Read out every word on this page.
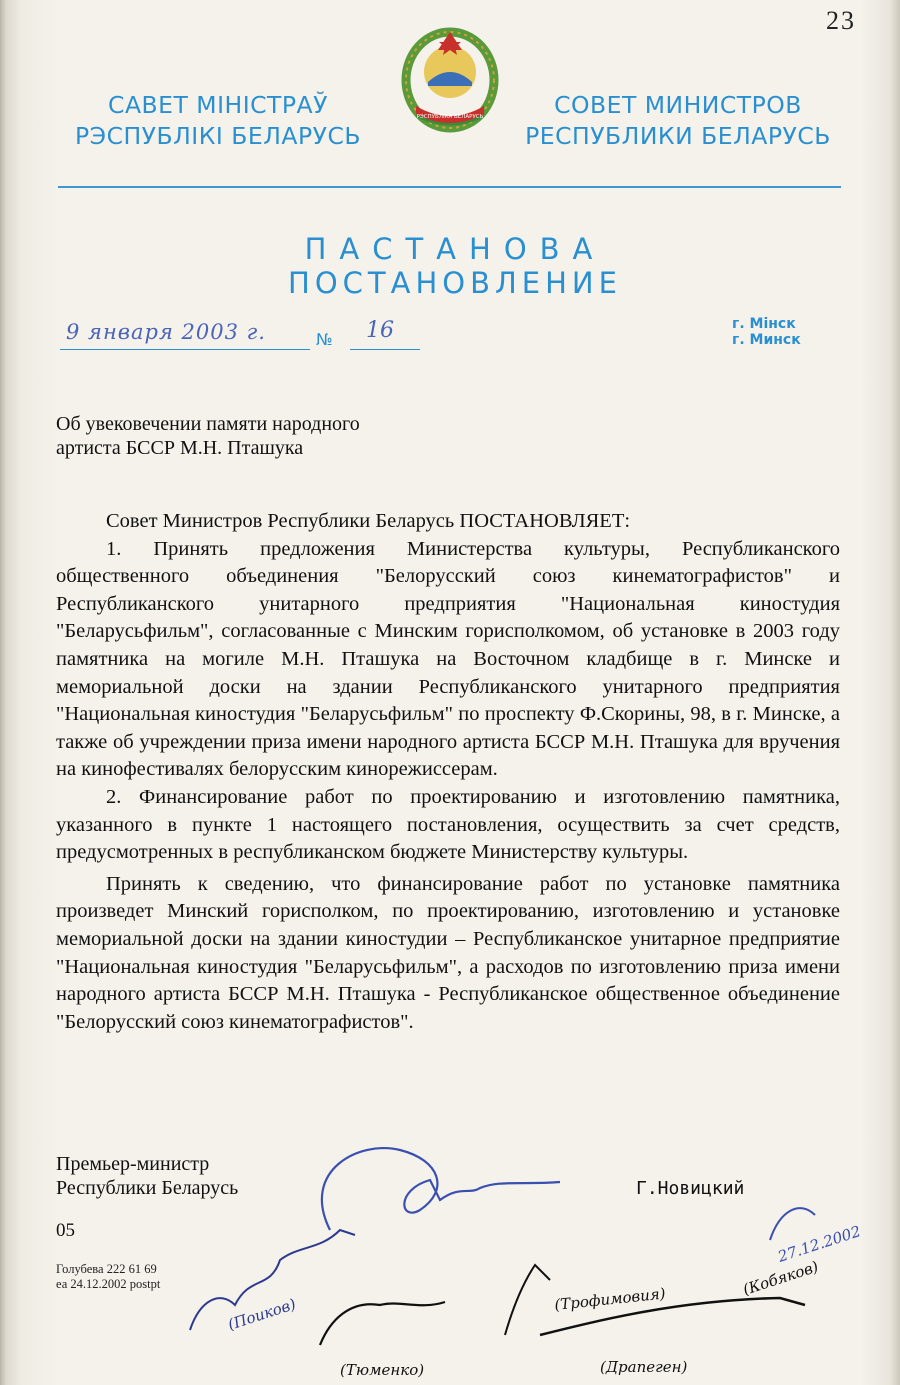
23
РЭСПУБЛІКА БЕЛАРУСЬ
САВЕТ МІНІСТРАЎ
РЭСПУБЛІКІ БЕЛАРУСЬ
СОВЕТ МИНИСТРОВ
РЕСПУБЛИКИ БЕЛАРУСЬ
ПАСТАНОВА
ПОСТАНОВЛЕНИЕ
9 января 2003 г.	№ 16	г. Мінск
г. Минск
Об увековечении памяти народного
артиста БССР М.Н. Пташука

Совет Министров Республики Беларусь ПОСТАНОВЛЯЕТ:

1. Принять предложения Министерства культуры, Республиканского общественного объединения "Белорусский союз кинематографистов" и Республиканского унитарного предприятия "Национальная киностудия "Беларусьфильм", согласованные с Минским горисполкомом, об установке в 2003 году памятника на могиле М.Н. Пташука на Восточном кладбище в г. Минске и мемориальной доски на здании Республиканского унитарного предприятия "Национальная киностудия "Беларусьфильм" по проспекту Ф.Скорины, 98, в г. Минске, а также об учреждении приза имени народного артиста БССР М.Н. Пташука для вручения на кинофестивалях белорусским кинорежиссерам.

2. Финансирование работ по проектированию и изготовлению памятника, указанного в пункте 1 настоящего постановления, осуществить за счет средств, предусмотренных в республиканском бюджете Министерству культуры.

Принять к сведению, что финансирование работ по установке памятника произведет Минский горисполком, по проектированию, изготовлению и установке мемориальной доски на здании киностудии – Республиканское унитарное предприятие "Национальная киностудия "Беларусьфильм", а расходов по изготовлению приза имени народного артиста БССР М.Н. Пташука - Республиканское общественное объединение "Белорусский союз кинематографистов".

Премьер-министр
Республики Беларусь	Г.Новицкий
05
Голубева 222 61 69
еа 24.12.2002 postpt
(Поиков)
(Тюменко)
(Трофимовия)
(Драпеген)
27.12.2002
(Кобяков)
